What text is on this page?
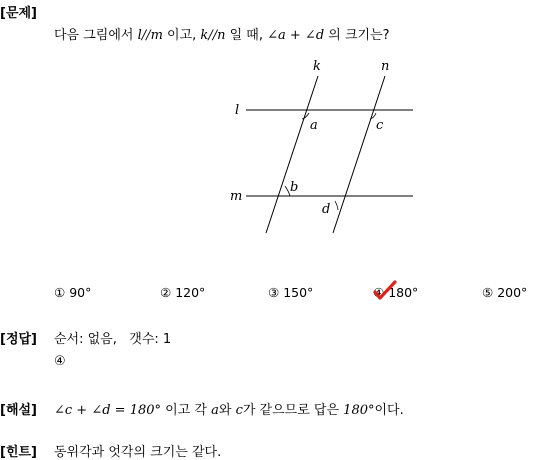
[문제]
다음 그림에서 l//m 이고, k//n 일 때, ∠a + ∠d 의 크기는?
k	n
l
m
a	c
b
d
① 90°	② 120°	③ 150°	④ 180°	⑤ 200°
[정답] 순서: 없음, 갯수: 1
④
[해설] ∠c + ∠d = 180° 이고 각 a와 c가 같으므로 답은 180°이다.
[힌트] 동위각과 엇각의 크기는 같다.
